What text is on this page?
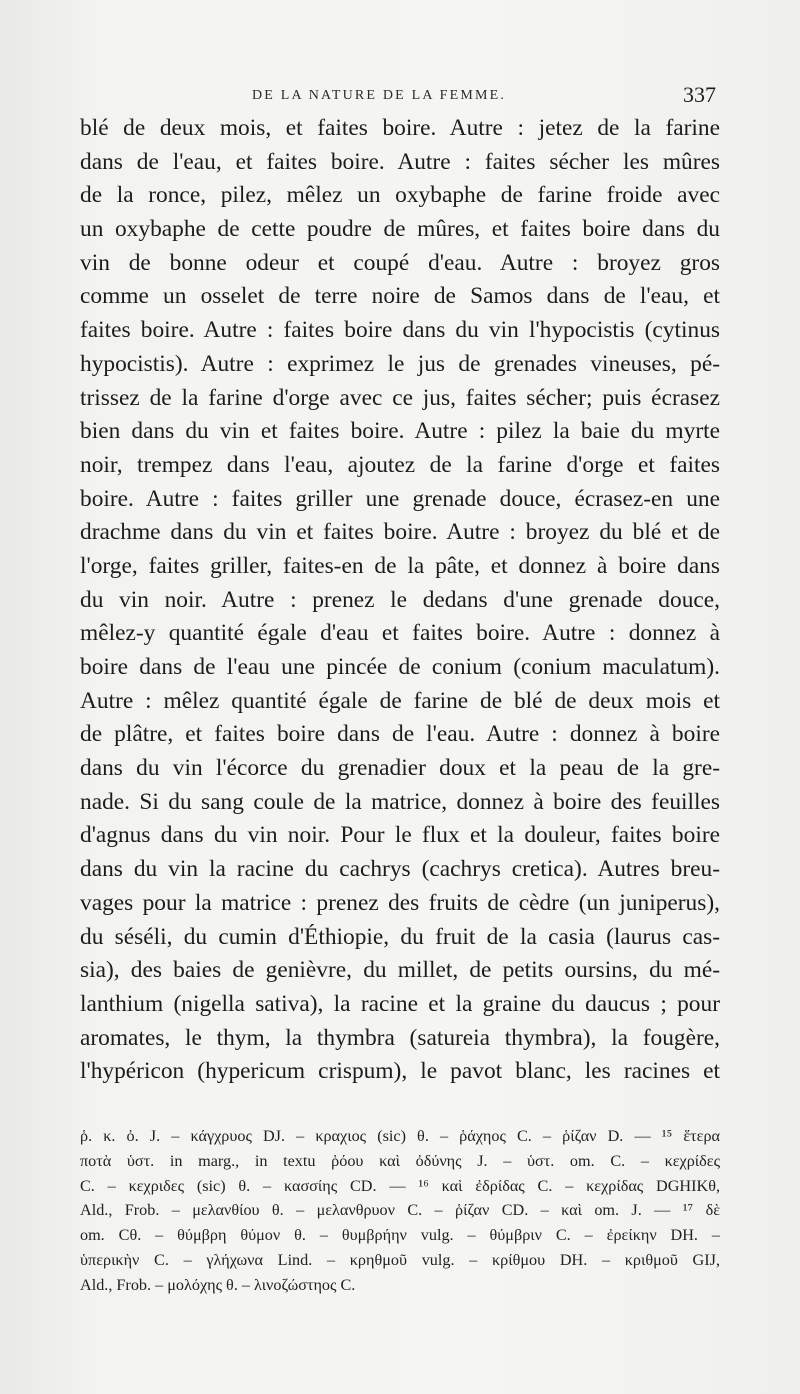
DE LA NATURE DE LA FEMME.	337
blé de deux mois, et faites boire. Autre : jetez de la farine
dans de l'eau, et faites boire. Autre : faites sécher les mûres
de la ronce, pilez, mêlez un oxybaphe de farine froide avec
un oxybaphe de cette poudre de mûres, et faites boire dans du
vin de bonne odeur et coupé d'eau. Autre : broyez gros
comme un osselet de terre noire de Samos dans de l'eau, et
faites boire. Autre : faites boire dans du vin l'hypocistis (cytinus
hypocistis). Autre : exprimez le jus de grenades vineuses, pé-
trissez de la farine d'orge avec ce jus, faites sécher; puis écrasez
bien dans du vin et faites boire. Autre : pilez la baie du myrte
noir, trempez dans l'eau, ajoutez de la farine d'orge et faites
boire. Autre : faites griller une grenade douce, écrasez-en une
drachme dans du vin et faites boire. Autre : broyez du blé et de
l'orge, faites griller, faites-en de la pâte, et donnez à boire dans
du vin noir. Autre : prenez le dedans d'une grenade douce,
mêlez-y quantité égale d'eau et faites boire. Autre : donnez à
boire dans de l'eau une pincée de conium (conium maculatum).
Autre : mêlez quantité égale de farine de blé de deux mois et
de plâtre, et faites boire dans de l'eau. Autre : donnez à boire
dans du vin l'écorce du grenadier doux et la peau de la gre-
nade. Si du sang coule de la matrice, donnez à boire des feuilles
d'agnus dans du vin noir. Pour le flux et la douleur, faites boire
dans du vin la racine du cachrys (cachrys cretica). Autres breu-
vages pour la matrice : prenez des fruits de cèdre (un juniperus),
du séséli, du cumin d'Éthiopie, du fruit de la casia (laurus cas-
sia), des baies de genièvre, du millet, de petits oursins, du mé-
lanthium (nigella sativa), la racine et la graine du daucus ; pour
aromates, le thym, la thymbra (satureia thymbra), la fougère,
l'hypéricon (hypericum crispum), le pavot blanc, les racines et
ῥ. κ. ὀ. J. – κάγχρυος DJ. – κραχιος (sic) θ. – ῥάχηος C. – ῥίζαν D. — ¹⁵ ἕτερα
ποτὰ ὑστ. in marg., in textu ῥόου καὶ ὀδύνης J. – ὑστ. om. C. – κεχρίδες
C. – κεχριδες (sic) θ. – κασσίης CD. — ¹⁶ καὶ ἐδρίδας C. – κεχρίδας DGHIKθ,
Ald., Frob. – μελανθίου θ. – μελανθρυον C. – ῥίζαν CD. – καὶ om. J. — ¹⁷ δὲ
om. Cθ. – θύμβρη θύμον θ. – θυμβρήην vulg. – θύμβριν C. – ἐρείκην DH. –
ὑπερικὴν C. – γλήχωνα Lind. – κρηθμοῦ vulg. – κρίθμου DH. – κριθμοῦ GIJ,
Ald., Frob. – μολόχης θ. – λινοζώστηος C.
